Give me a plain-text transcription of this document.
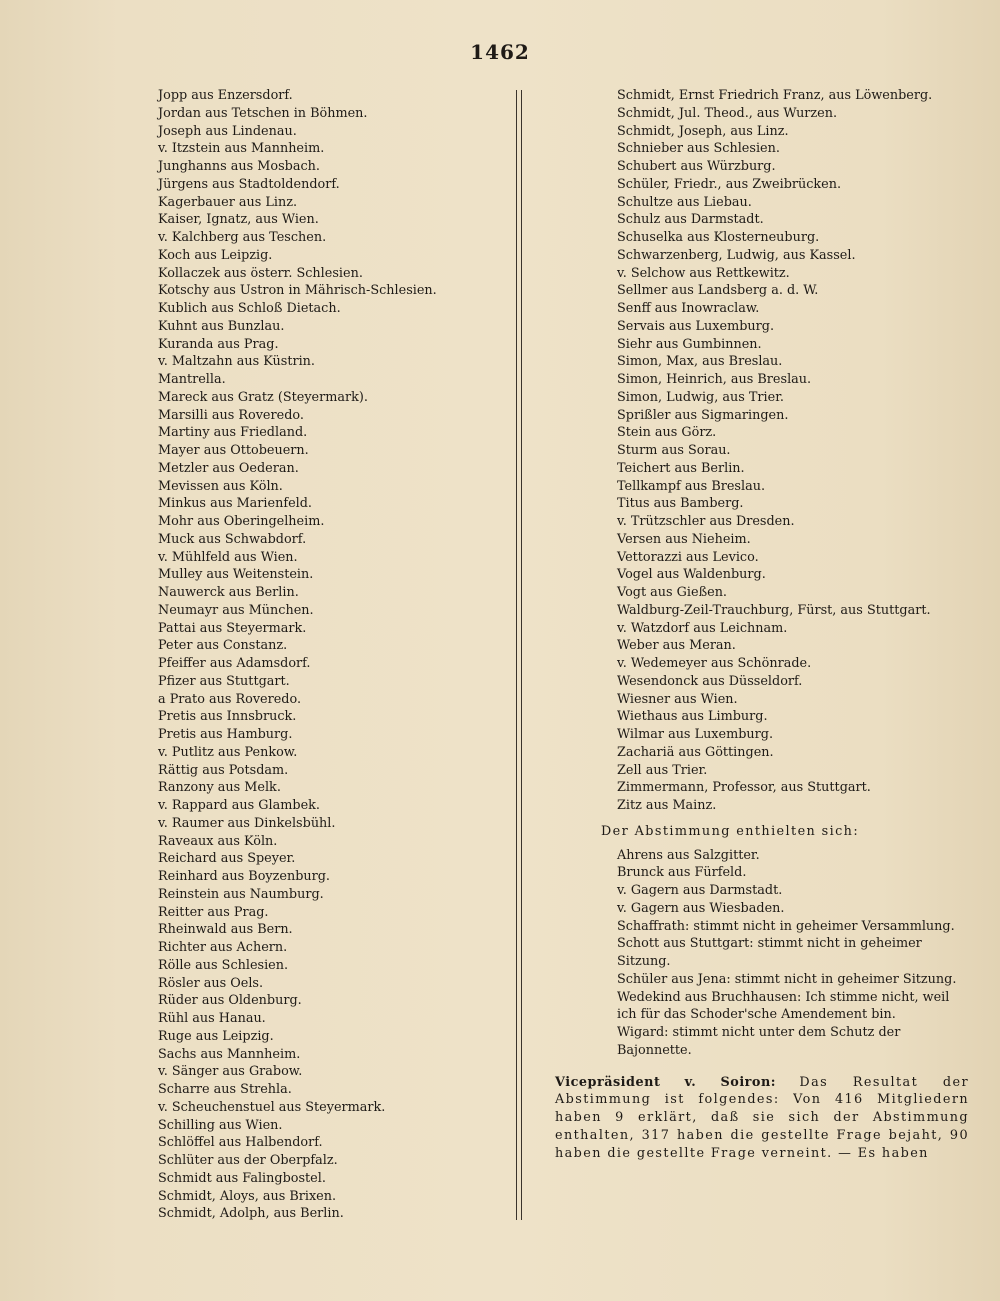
1462
Jopp aus Enzersdorf.
Jordan aus Tetschen in Böhmen.
Joseph aus Lindenau.
v. Itzstein aus Mannheim.
Junghanns aus Mosbach.
Jürgens aus Stadtoldendorf.
Kagerbauer aus Linz.
Kaiser, Ignatz, aus Wien.
v. Kalchberg aus Teschen.
Koch aus Leipzig.
Kollaczek aus österr. Schlesien.
Kotschy aus Ustron in Mährisch-Schlesien.
Kublich aus Schloß Dietach.
Kuhnt aus Bunzlau.
Kuranda aus Prag.
v. Maltzahn aus Küstrin.
Mantrella.
Mareck aus Gratz (Steyermark).
Marsilli aus Roveredo.
Martiny aus Friedland.
Mayer aus Ottobeuern.
Metzler aus Oederan.
Mevissen aus Köln.
Minkus aus Marienfeld.
Mohr aus Oberingelheim.
Muck aus Schwabdorf.
v. Mühlfeld aus Wien.
Mulley aus Weitenstein.
Nauwerck aus Berlin.
Neumayr aus München.
Pattai aus Steyermark.
Peter aus Constanz.
Pfeiffer aus Adamsdorf.
Pfizer aus Stuttgart.
a Prato aus Roveredo.
Pretis aus Innsbruck.
Pretis aus Hamburg.
v. Putlitz aus Penkow.
Rättig aus Potsdam.
Ranzony aus Melk.
v. Rappard aus Glambek.
v. Raumer aus Dinkelsbühl.
Raveaux aus Köln.
Reichard aus Speyer.
Reinhard aus Boyzenburg.
Reinstein aus Naumburg.
Reitter aus Prag.
Rheinwald aus Bern.
Richter aus Achern.
Rölle aus Schlesien.
Rösler aus Oels.
Rüder aus Oldenburg.
Rühl aus Hanau.
Ruge aus Leipzig.
Sachs aus Mannheim.
v. Sänger aus Grabow.
Scharre aus Strehla.
v. Scheuchenstuel aus Steyermark.
Schilling aus Wien.
Schlöffel aus Halbendorf.
Schlüter aus der Oberpfalz.
Schmidt aus Falingbostel.
Schmidt, Aloys, aus Brixen.
Schmidt, Adolph, aus Berlin.
Schmidt, Ernst Friedrich Franz, aus Löwenberg.
Schmidt, Jul. Theod., aus Wurzen.
Schmidt, Joseph, aus Linz.
Schnieber aus Schlesien.
Schubert aus Würzburg.
Schüler, Friedr., aus Zweibrücken.
Schultze aus Liebau.
Schulz aus Darmstadt.
Schuselka aus Klosterneuburg.
Schwarzenberg, Ludwig, aus Kassel.
v. Selchow aus Rettkewitz.
Sellmer aus Landsberg a. d. W.
Senff aus Inowraclaw.
Servais aus Luxemburg.
Siehr aus Gumbinnen.
Simon, Max, aus Breslau.
Simon, Heinrich, aus Breslau.
Simon, Ludwig, aus Trier.
Sprißler aus Sigmaringen.
Stein aus Görz.
Sturm aus Sorau.
Teichert aus Berlin.
Tellkampf aus Breslau.
Titus aus Bamberg.
v. Trützschler aus Dresden.
Versen aus Nieheim.
Vettorazzi aus Levico.
Vogel aus Waldenburg.
Vogt aus Gießen.
Waldburg-Zeil-Trauchburg, Fürst, aus Stuttgart.
v. Watzdorf aus Leichnam.
Weber aus Meran.
v. Wedemeyer aus Schönrade.
Wesendonck aus Düsseldorf.
Wiesner aus Wien.
Wiethaus aus Limburg.
Wilmar aus Luxemburg.
Zachariä aus Göttingen.
Zell aus Trier.
Zimmermann, Professor, aus Stuttgart.
Zitz aus Mainz.
Der Abstimmung enthielten sich:
Ahrens aus Salzgitter.
Brunck aus Fürfeld.
v. Gagern aus Darmstadt.
v. Gagern aus Wiesbaden.
Schaffrath: stimmt nicht in geheimer Versammlung.
Schott aus Stuttgart: stimmt nicht in geheimer Sitzung.
Schüler aus Jena: stimmt nicht in geheimer Sitzung.
Wedekind aus Bruchhausen: Ich stimme nicht, weil ich für das Schoder'sche Amendement bin.
Wigard: stimmt nicht unter dem Schutz der Bajonnette.
Vicepräsident v. Soiron: Das Resultat der Abstimmung ist folgendes: Von 416 Mitgliedern haben 9 erklärt, daß sie sich der Abstimmung enthalten, 317 haben die gestellte Frage bejaht, 90 haben die gestellte Frage verneint. — Es haben
